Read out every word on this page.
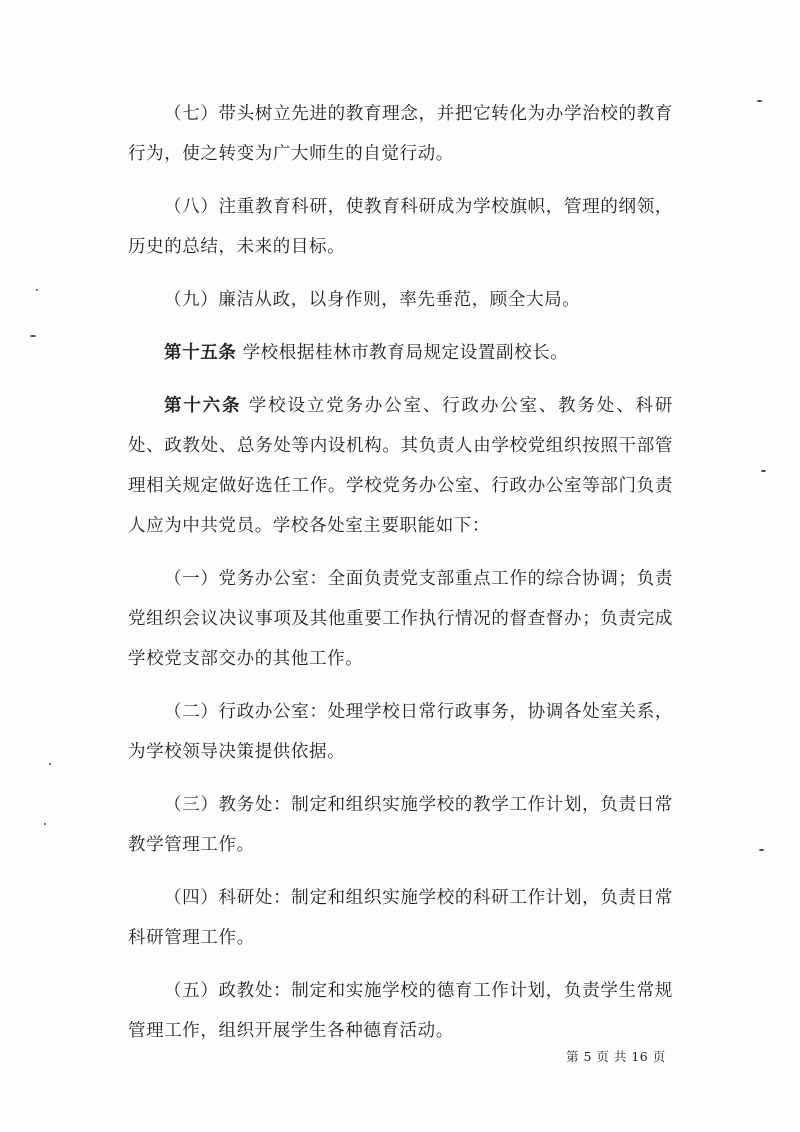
（七）带头树立先进的教育理念，并把它转化为办学治校的教育行为，使之转变为广大师生的自觉行动。

（八）注重教育科研，使教育科研成为学校旗帜，管理的纲领，历史的总结，未来的目标。

（九）廉洁从政，以身作则，率先垂范，顾全大局。

第十五条 学校根据桂林市教育局规定设置副校长。

第十六条 学校设立党务办公室、行政办公室、教务处、科研处、政教处、总务处等内设机构。其负责人由学校党组织按照干部管理相关规定做好选任工作。学校党务办公室、行政办公室等部门负责人应为中共党员。学校各处室主要职能如下：

（一）党务办公室：全面负责党支部重点工作的综合协调；负责党组织会议决议事项及其他重要工作执行情况的督查督办；负责完成学校党支部交办的其他工作。

（二）行政办公室：处理学校日常行政事务，协调各处室关系，为学校领导决策提供依据。

（三）教务处：制定和组织实施学校的教学工作计划，负责日常教学管理工作。

（四）科研处：制定和组织实施学校的科研工作计划，负责日常科研管理工作。

（五）政教处：制定和实施学校的德育工作计划，负责学生常规管理工作，组织开展学生各种德育活动。

第 5 页 共 16 页
